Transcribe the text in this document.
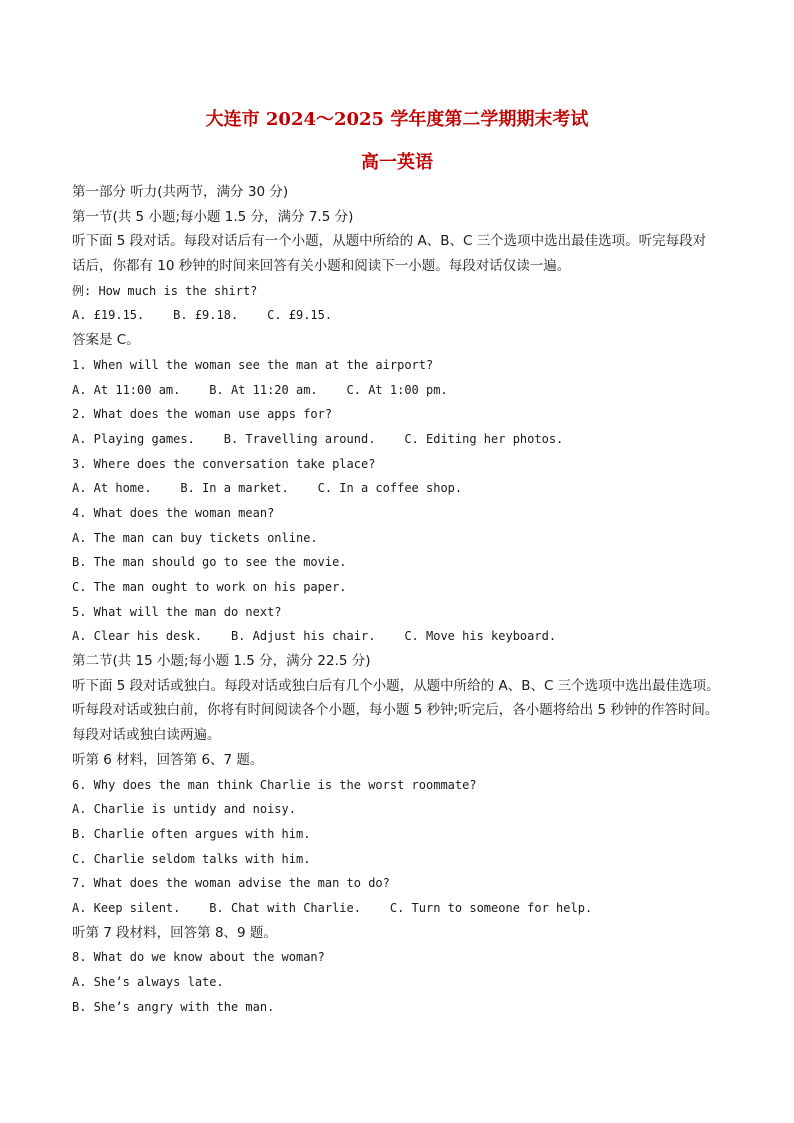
大连市 2024～2025 学年度第二学期期末考试
高一英语

第一部分 听力(共两节，满分 30 分)

第一节(共 5 小题;每小题 1.5 分，满分 7.5 分)

听下面 5 段对话。每段对话后有一个小题，从题中所给的 A、B、C 三个选项中选出最佳选项。听完每段对

话后，你都有 10 秒钟的时间来回答有关小题和阅读下一小题。每段对话仅读一遍。

例: How much is the shirt?

A. £19.15.    B. £9.18.    C. £9.15.

答案是 C。

1. When will the woman see the man at the airport?

A. At 11:00 am.    B. At 11:20 am.    C. At 1:00 pm.

2. What does the woman use apps for?

A. Playing games.    B. Travelling around.    C. Editing her photos.

3. Where does the conversation take place?

A. At home.    B. In a market.    C. In a coffee shop.

4. What does the woman mean?

A. The man can buy tickets online.

B. The man should go to see the movie.

C. The man ought to work on his paper.

5. What will the man do next?

A. Clear his desk.    B. Adjust his chair.    C. Move his keyboard.

第二节(共 15 小题;每小题 1.5 分，满分 22.5 分)

听下面 5 段对话或独白。每段对话或独白后有几个小题，从题中所给的 A、B、C 三个选项中选出最佳选项。

听每段对话或独白前，你将有时间阅读各个小题，每小题 5 秒钟;听完后，各小题将给出 5 秒钟的作答时间。

每段对话或独白读两遍。

听第 6 材料，回答第 6、7 题。

6. Why does the man think Charlie is the worst roommate?

A. Charlie is untidy and noisy.

B. Charlie often argues with him.

C. Charlie seldom talks with him.

7. What does the woman advise the man to do?

A. Keep silent.    B. Chat with Charlie.    C. Turn to someone for help.

听第 7 段材料，回答第 8、9 题。

8. What do we know about the woman?

A. She’s always late.

B. She’s angry with the man.
